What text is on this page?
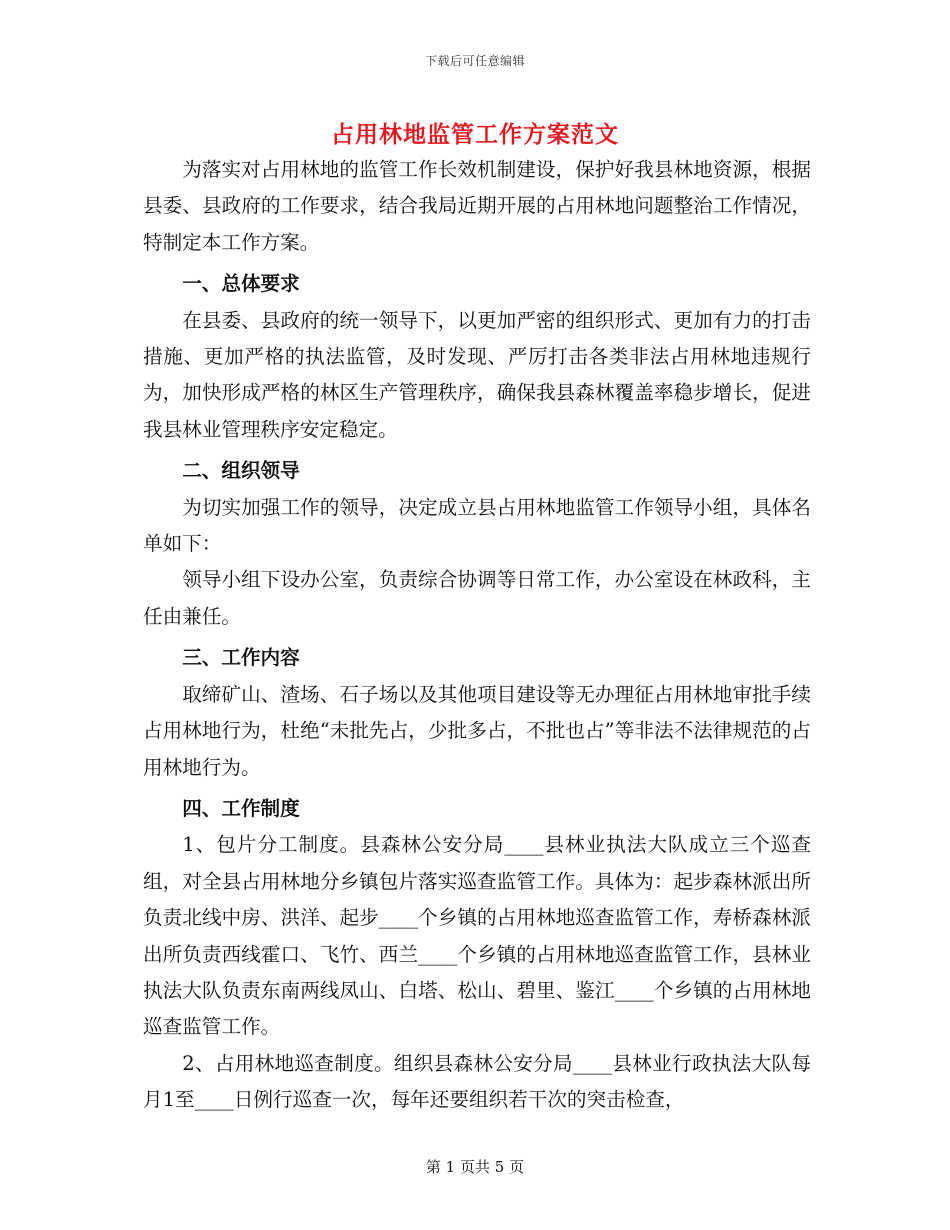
下载后可任意编辑
占用林地监管工作方案范文

为落实对占用林地的监管工作长效机制建设，保护好我县林地资源，根据县委、县政府的工作要求，结合我局近期开展的占用林地问题整治工作情况，特制定本工作方案。

一、总体要求

在县委、县政府的统一领导下，以更加严密的组织形式、更加有力的打击措施、更加严格的执法监管，及时发现、严厉打击各类非法占用林地违规行为，加快形成严格的林区生产管理秩序，确保我县森林覆盖率稳步增长，促进我县林业管理秩序安定稳定。

二、组织领导

为切实加强工作的领导，决定成立县占用林地监管工作领导小组，具体名单如下：

领导小组下设办公室，负责综合协调等日常工作，办公室设在林政科，主任由兼任。

三、工作内容

取缔矿山、渣场、石子场以及其他项目建设等无办理征占用林地审批手续占用林地行为，杜绝“未批先占，少批多占，不批也占”等非法不法律规范的占用林地行为。

四、工作制度

1、包片分工制度。县森林公安分局____县林业执法大队成立三个巡查组，对全县占用林地分乡镇包片落实巡查监管工作。具体为：起步森林派出所负责北线中房、洪洋、起步____个乡镇的占用林地巡查监管工作，寿桥森林派出所负责西线霍口、飞竹、西兰____个乡镇的占用林地巡查监管工作，县林业执法大队负责东南两线凤山、白塔、松山、碧里、鉴江____个乡镇的占用林地巡查监管工作。

2、占用林地巡查制度。组织县森林公安分局____县林业行政执法大队每月1至____日例行巡查一次，每年还要组织若干次的突击检查，

第 1 页共 5 页
